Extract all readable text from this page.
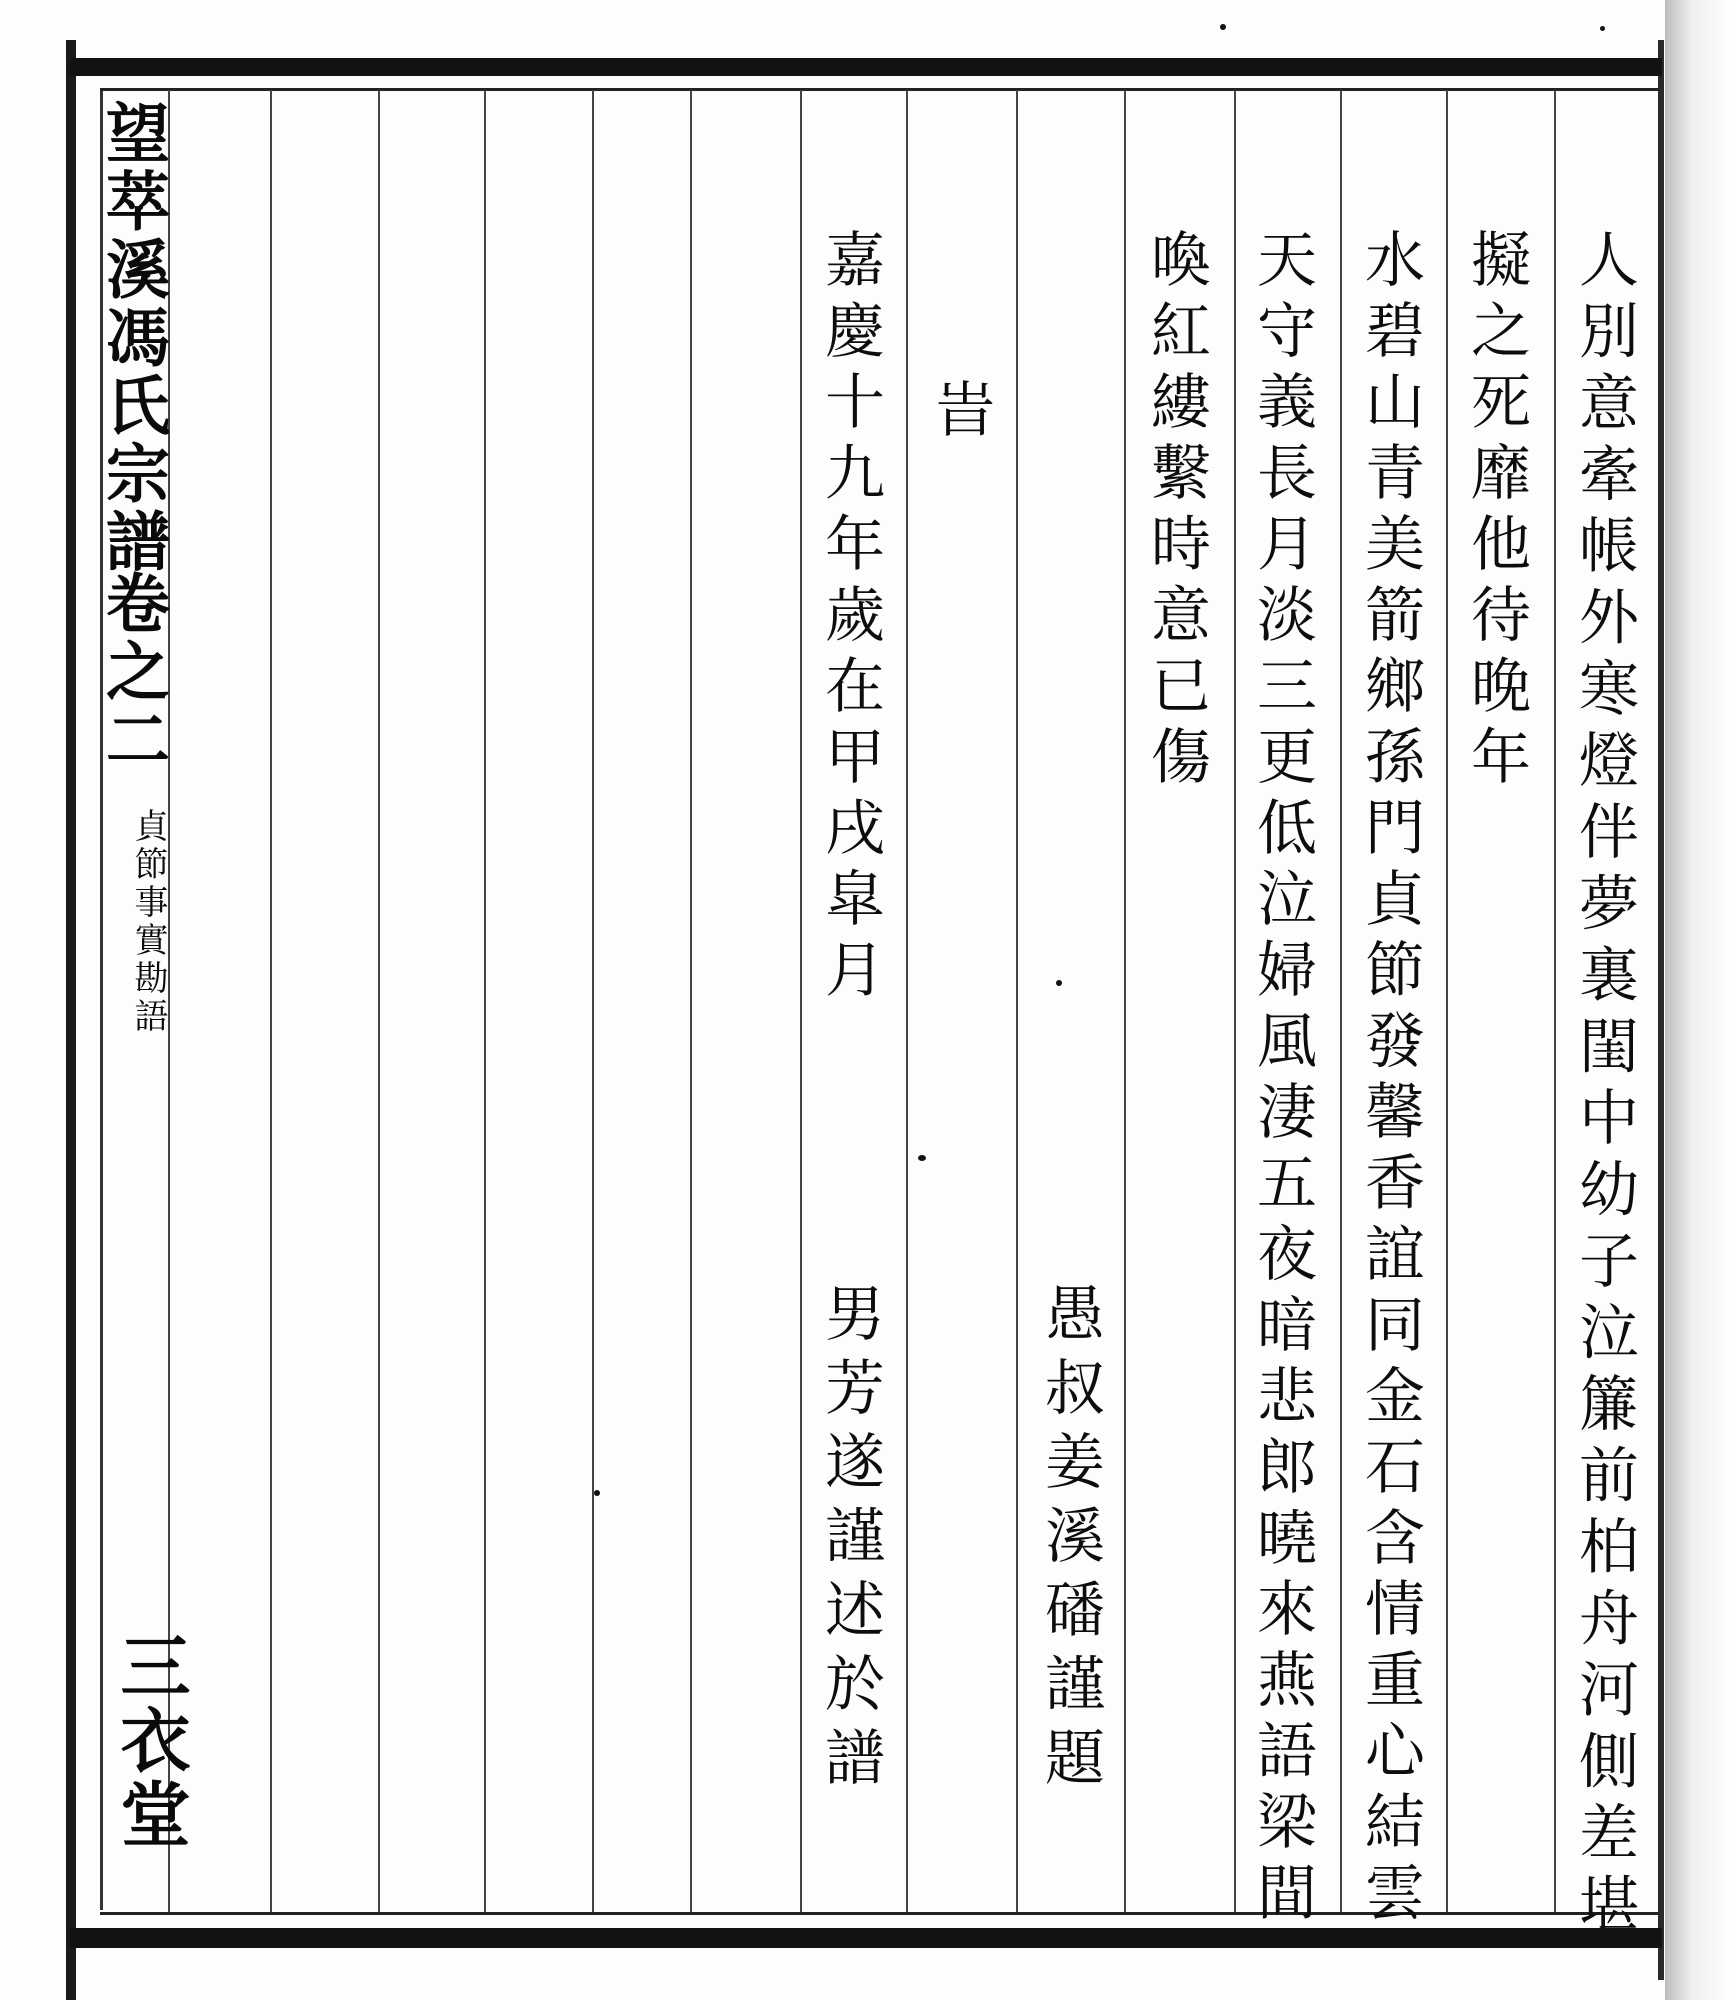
望萃溪馮氏宗譜
卷之二
貞節事實勘語
三衣堂	人別意牽帳外寒燈伴夢裏閨中幼子泣簾前柏舟河側差堪
擬之死靡他待晚年
水碧山青美箭鄉孫門貞節發馨香誼同金石含情重心結雲
天守義長月淡三更低泣婦風淒五夜暗悲郎曉來燕語梁間
喚紅縷繫時意已傷
愚叔姜溪磻謹題
旹
嘉慶十九年歲在甲戌皐月
男芳遂謹述於譜
